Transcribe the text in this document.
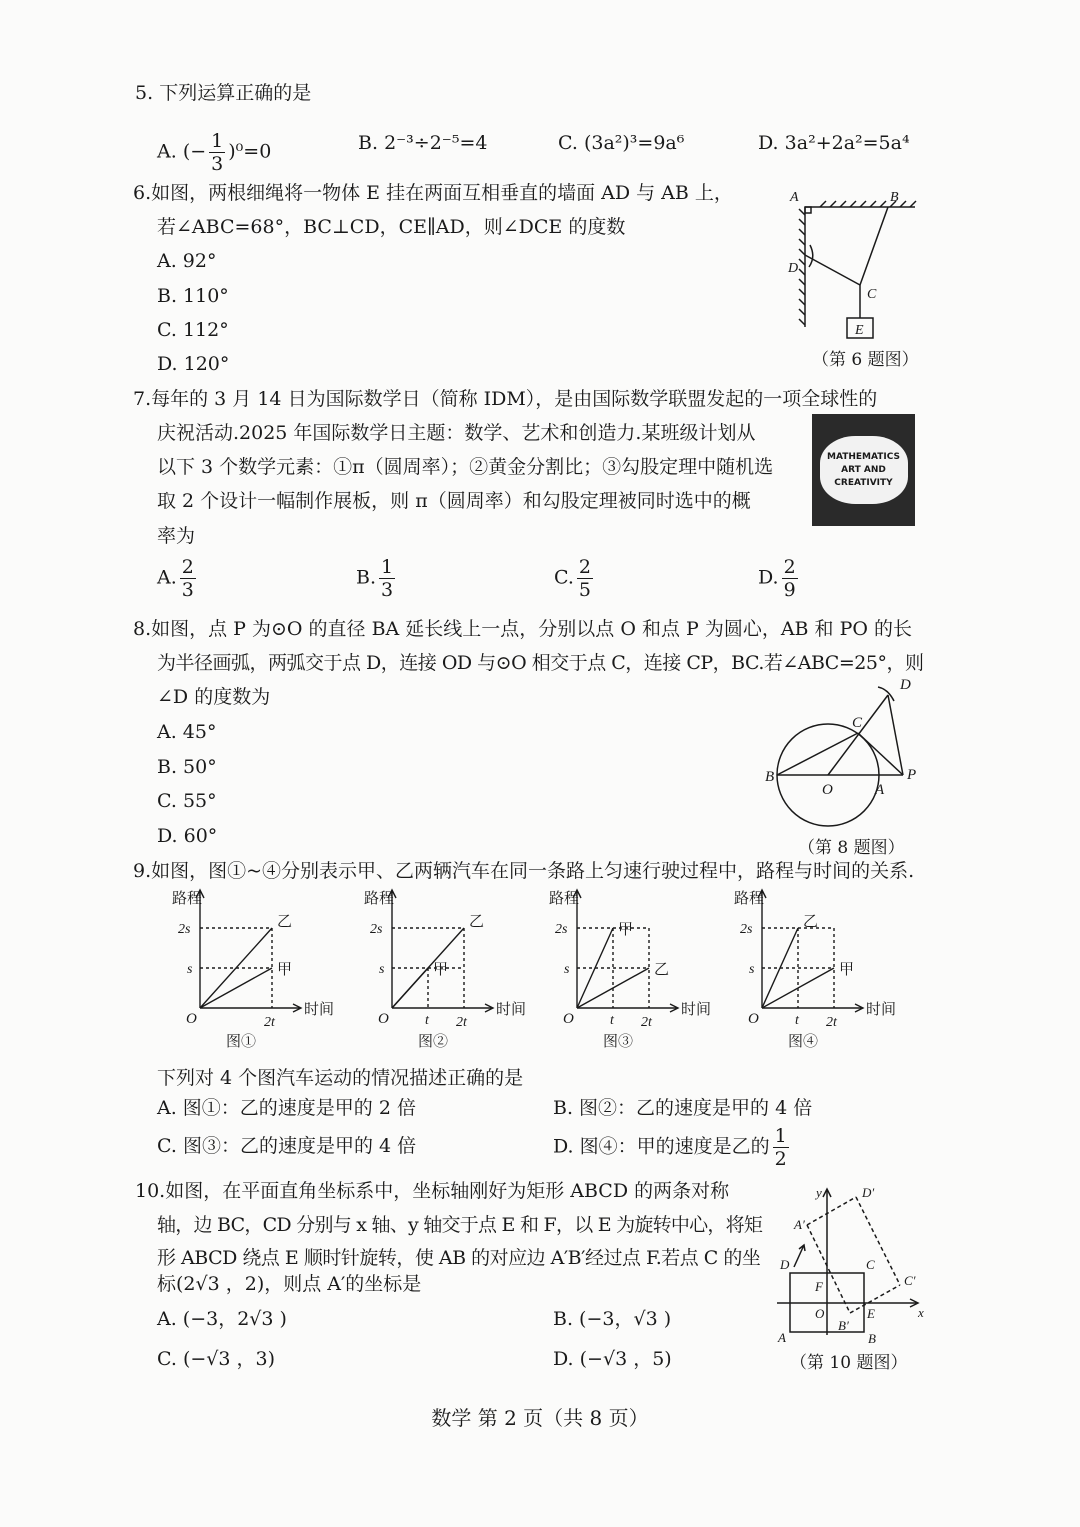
5. 下列运算正确的是
A. (− $\frac{1}{3} )^0=0$	B. 2⁻³÷2⁻⁵=4	C. (3a²)³=9a⁶	D. 3a²+2a²=5a⁴
6.如图，两根细绳将一物体 E 挂在两面互相垂直的墙面 AD 与 AB 上，
若∠ABC=68°，BC⊥CD，CE∥AD，则∠DCE 的度数
A. 92°
B. 110°
C. 112°
D. 120°
A	B
C
D
E
（第 6 题图）
7.每年的 3 月 14 日为国际数学日（简称 IDM），是由国际数学联盟发起的一项全球性的
庆祝活动.2025 年国际数学日主题：数学、艺术和创造力.某班级计划从
以下 3 个数学元素：①π（圆周率）；②黄金分割比；③勾股定理中随机选
取 2 个设计一幅制作展板，则 π（圆周率）和勾股定理被同时选中的概
率为
MATHEMATICS
ART AND
CREATIVITY
A. $\frac{2}{3}$	B. $\frac{1}{3}$	C. $\frac{2}{5}$	D. $\frac{2}{9}$
8.如图，点 P 为⊙O 的直径 BA 延长线上一点，分别以点 O 和点 P 为圆心，AB 和 PO 的长
为半径画弧，两弧交于点 D，连接 OD 与⊙O 相交于点 C，连接 CP，BC.若∠ABC=25°，则
∠D 的度数为
A. 45°
B. 50°
C. 55°
D. 60°
B
O	A
P
C
D
（第 8 题图）
9.如图，图①~④分别表示甲、乙两辆汽车在同一条路上匀速行驶过程中，路程与时间的关系.
路程
时间
O
2s
s
2t
甲
乙
图①
路程
时间
O
2s
s
2t
t
甲
乙
图②
路程
时间
O
2s
s
2t
t
甲
乙
图③
路程
时间
O
2s
s
2t
t
甲
乙
图④
下列对 4 个图汽车运动的情况描述正确的是
A. 图①：乙的速度是甲的 2 倍	B. 图②：乙的速度是甲的 4 倍
C. 图③：乙的速度是甲的 4 倍	D. 图④：甲的速度是乙的 $\frac{1}{2}$
10.如图，在平面直角坐标系中，坐标轴刚好为矩形 ABCD 的两条对称
轴，边 BC，CD 分别与 x 轴、y 轴交于点 E 和 F，以 E 为旋转中心，将矩
形 ABCD 绕点 E 顺时针旋转，使 AB 的对应边 A′B′经过点 F.若点 C 的坐
标(2√3 ，2)，则点 A′的坐标是
A. (−3，2√3 )	B. (−3，√3 )
C. (−√3 ，3)	D. (−√3 ，5)
y
x
D	C
F
O	E
A	B
A′
B′
C′
D′
（第 10 题图）
数学 第 2 页（共 8 页）
